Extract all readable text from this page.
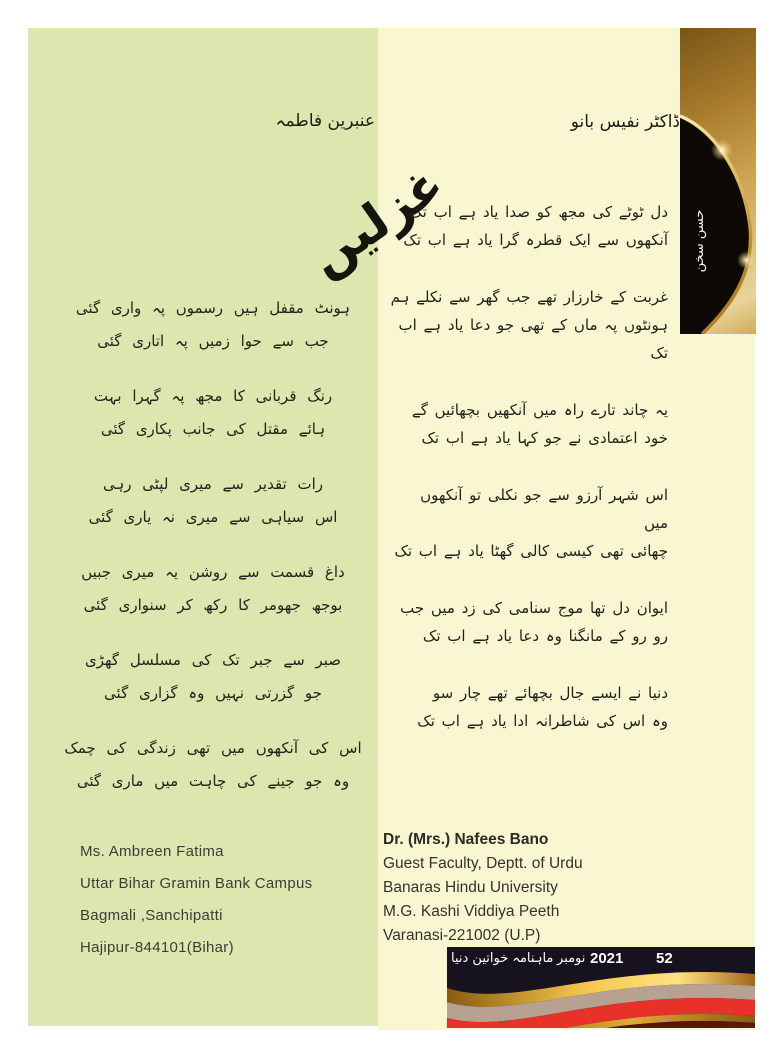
حسن سخن
عنبرین فاطمہ	ڈاکٹر نفیس بانو
غزلیں
ہونٹ مقفل ہیں رسموں پہ واری گئی
جب سے حوا زمیں پہ اتاری گئی
رنگ قربانی کا مجھ پہ گہرا بہت
ہائے مقتل کی جانب پکاری گئی
رات تقدیر سے میری لپٹی رہی
اس سیاہی سے میری نہ یاری گئی
داغ قسمت سے روشن یہ میری جبیں
بوجھ جھومر کا رکھ کر سنواری گئی
صبر سے جبر تک کی مسلسل گھڑی
جو گزرتی نہیں وہ گزاری گئی
اس کی آنکھوں میں تھی زندگی کی چمک
وہ جو جینے کی چاہت میں ماری گئی
دل ٹوٹے کی مجھ کو صدا یاد ہے اب تک
آنکھوں سے ایک قطرہ گرا یاد ہے اب تک
غربت کے خارزار تھے جب گھر سے نکلے ہم
ہونٹوں پہ ماں کے تھی جو دعا یاد ہے اب تک
یہ چاند تارے راہ میں آنکھیں بچھائیں گے
خود اعتمادی نے جو کہا یاد ہے اب تک
اس شہر آرزو سے جو نکلی تو آنکھوں میں
چھائی تھی کیسی کالی گھٹا یاد ہے اب تک
ایوان دل تھا موج سنامی کی زد میں جب
رو رو کے مانگنا وہ دعا یاد ہے اب تک
دنیا نے ایسے جال بچھائے تھے چار سو
وہ اس کی شاطرانہ ادا یاد ہے اب تک
Ms. Ambreen Fatima
Uttar Bihar Gramin Bank Campus
Bagmali ,Sanchipatti
Hajipur-844101(Bihar)
Dr. (Mrs.) Nafees Bano
Guest Faculty, Deptt. of Urdu
Banaras Hindu University
M.G. Kashi Viddiya Peeth
Varanasi-221002 (U.P)
ماہنامہ خواتین دنیا نومبر 2021 52
